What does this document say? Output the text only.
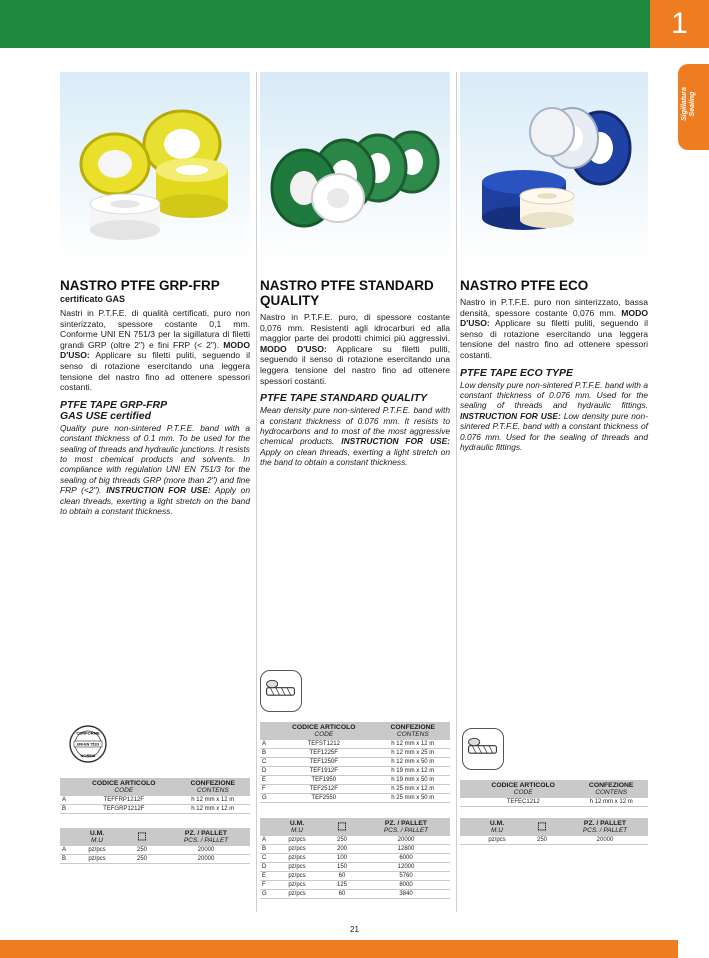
1
Sigillatura
Sealing
NASTRO PTFE GRP-FRP
certificato GAS

Nastri in P.T.F.E. di qualità certificati, puro non sinterizzato, spessore costante 0,1 mm. Conforme UNI EN 751/3 per la sigillatura di filetti grandi GRP (oltre 2") e fini FRP (< 2"). MODO D'USO: Applicare su filetti puliti, seguendo il senso di rotazione esercitando una leggera tensione del nastro fino ad ottenere spessori costanti.

PTFE TAPE GRP-FRP
GAS USE certified

Quality pure non-sintered P.T.F.E. band with a constant thickness of 0.1 mm. To be used for the sealing of threads and hydraulic junctions. It resists to most chemical products and solvents. In compliance with regulation UNI EN 751/3 for the sealing of big threads GRP (more than 2") and fine FRP (<2"). INSTRUCTION FOR USE: Apply on clean threads, exerting a light stretch on the band to obtain a constant thickness.

CONFORME
UNI-EN 751/3
NORMA
	CODICE ARTICOLO
CODE	CONFEZIONE
CONTENS

A	TEFFRP1212F	h 12 mm x 12 m
B	TEFGRP1212F	h 12 mm x 12 m
	U.M.
M.U	⬚	PZ. / PALLET
PCS. / PALLET

A	pz/pcs	250	20000
B	pz/pcs	250	20000
NASTRO PTFE STANDARD QUALITY

Nastro in P.T.F.E. puro, di spessore costante 0,076 mm. Resistenti agli idrocarburi ed alla maggior parte dei prodotti chimici più aggressivi. MODO D'USO: Applicare su filetti puliti, seguendo il senso di rotazione esercitando una leggera tensione del nastro fino ad ottenere spessori costanti.

PTFE TAPE STANDARD QUALITY

Mean density pure non-sintered P.T.F.E. band with a constant thickness of 0.076 mm. It resists to hydrocarbons and to most of the most aggressive chemical products. INSTRUCTION FOR USE: Apply on clean threads, exerting a light stretch on the band to obtain a constant thickness.

	CODICE ARTICOLO
CODE	CONFEZIONE
CONTENS

A	TEFST1212	h 12 mm x 12 m
B	TEF1225F	h 12 mm x 25 m
C	TEF1250F	h 12 mm x 50 m
D	TEF1912F	h 19 mm x 12 m
E	TEF1950	h 19 mm x 50 m
F	TEF2512F	h 25 mm x 12 m
G	TEF2550	h 25 mm x 50 m
	U.M.
M.U	⬚	PZ. / PALLET
PCS. / PALLET

A	pz/pcs	250	20000
B	pz/pcs	200	12800
C	pz/pcs	100	6000
D	pz/pcs	150	12000
E	pz/pcs	60	5760
F	pz/pcs	125	8000
G	pz/pcs	60	3840
NASTRO PTFE ECO

Nastro in P.T.F.E. puro non sinterizzato, bassa densità, spessore costante 0,076 mm. MODO D'USO: Applicare su filetti puliti, seguendo il senso di rotazione esercitando una leggera tensione del nastro fino ad ottenere spessori costanti.

PTFE TAPE ECO TYPE

Low density pure non-sintered P.T.F.E. band with a constant thickness of 0.076 mm. Used for the sealing of threads and hydraulic fittings. INSTRUCTION FOR USE: Low density pure non-sintered P.T.F.E. band with a constant thickness of 0.076 mm. Used for the sealing of threads and hydraulic fittings.

	CODICE ARTICOLO
CODE	CONFEZIONE
CONTENS

	TEFEC1212	h 12 mm x 12 m
	U.M.
M.U	⬚	PZ. / PALLET
PCS. / PALLET

	pz/pcs	250	20000
21
